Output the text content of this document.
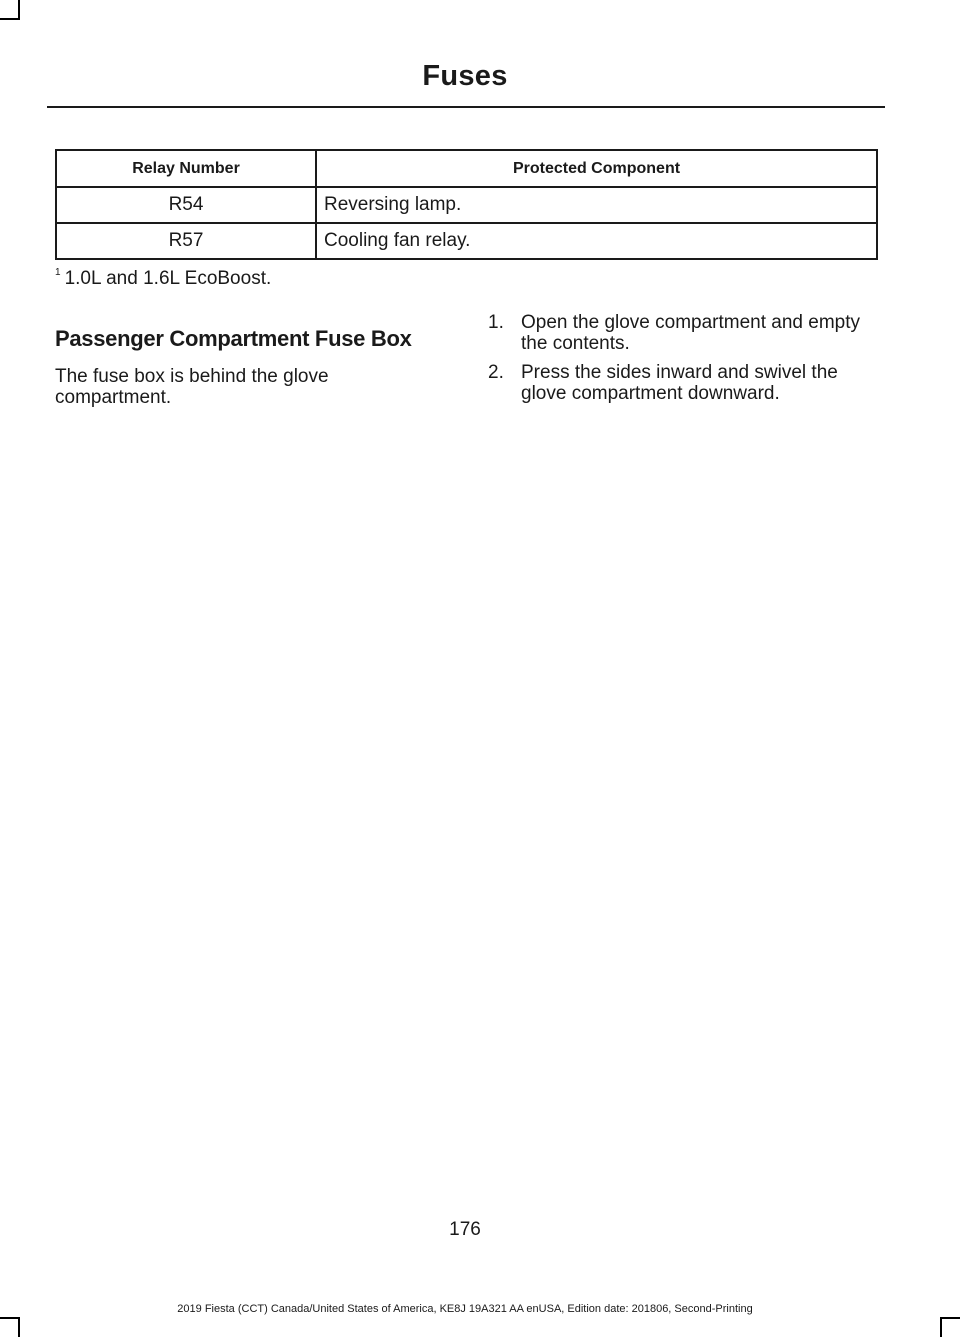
Fuses
Relay Number	Protected Component
R54	Reversing lamp.
R57	Cooling fan relay.
$^1$ 1.0L and 1.6L EcoBoost.
Passenger Compartment Fuse Box
The fuse box is behind the glove compartment.
1. Open the glove compartment and empty the contents.
2. Press the sides inward and swivel the glove compartment downward.
176
2019 Fiesta (CCT) Canada/United States of America, KE8J 19A321 AA enUSA, Edition date: 201806, Second-Printing
